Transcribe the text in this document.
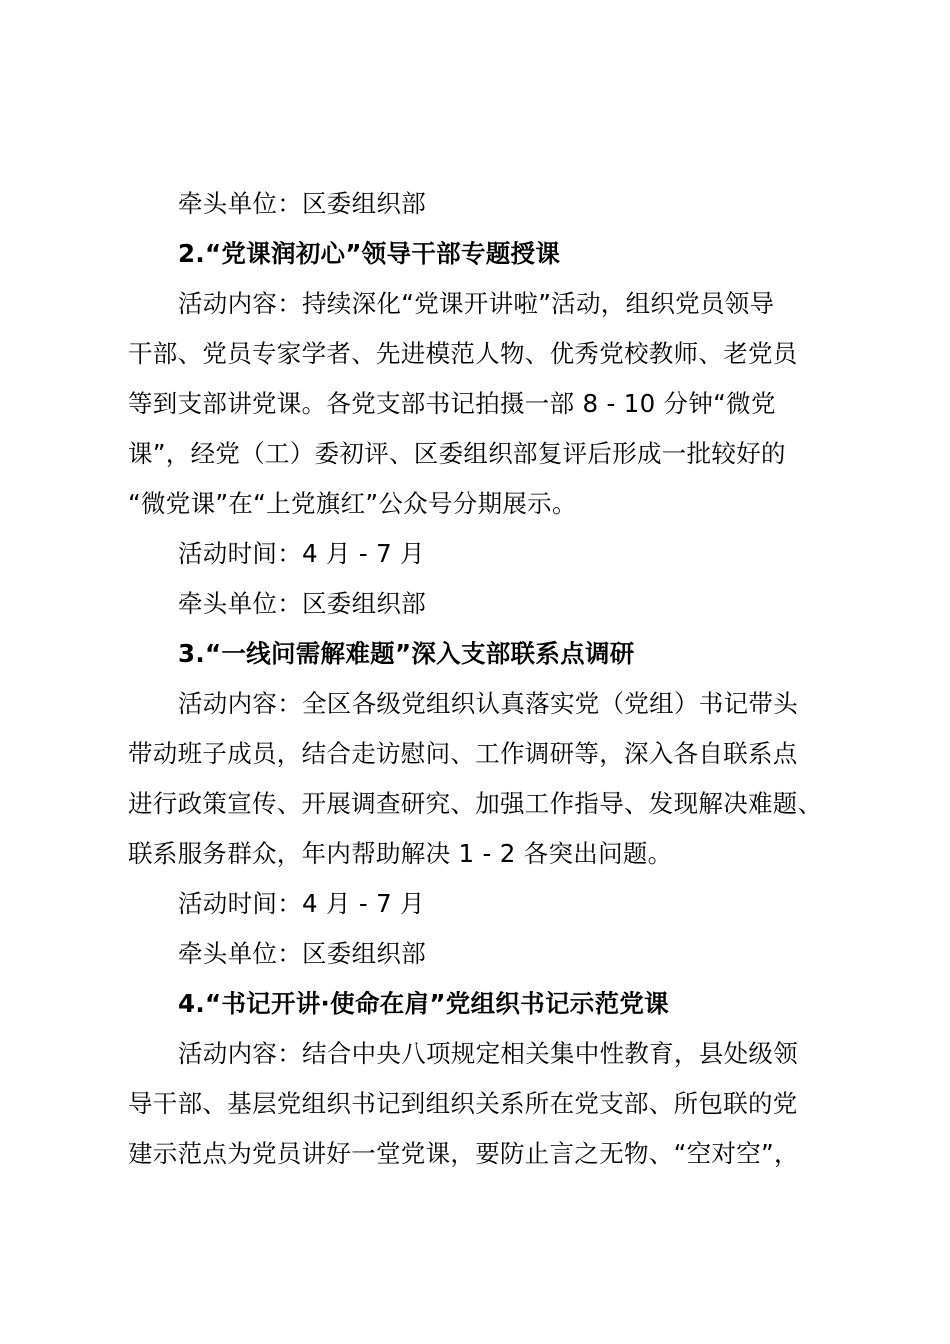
牵头单位：区委组织部
2.“党课润初心”领导干部专题授课
活动内容：持续深化“党课开讲啦”活动，组织党员领导
干部、党员专家学者、先进模范人物、优秀党校教师、老党员
等到支部讲党课。各党支部书记拍摄一部 8 - 10 分钟“微党
课”，经党（工）委初评、区委组织部复评后形成一批较好的
“微党课”在“上党旗红”公众号分期展示。
活动时间：4 月 - 7 月
牵头单位：区委组织部
3.“一线问需解难题”深入支部联系点调研
活动内容：全区各级党组织认真落实党（党组）书记带头
带动班子成员，结合走访慰问、工作调研等，深入各自联系点
进行政策宣传、开展调查研究、加强工作指导、发现解决难题、
联系服务群众，年内帮助解决 1 - 2 各突出问题。
活动时间：4 月 - 7 月
牵头单位：区委组织部
4.“书记开讲·使命在肩”党组织书记示范党课
活动内容：结合中央八项规定相关集中性教育，县处级领
导干部、基层党组织书记到组织关系所在党支部、所包联的党
建示范点为党员讲好一堂党课，要防止言之无物、“空对空”，
